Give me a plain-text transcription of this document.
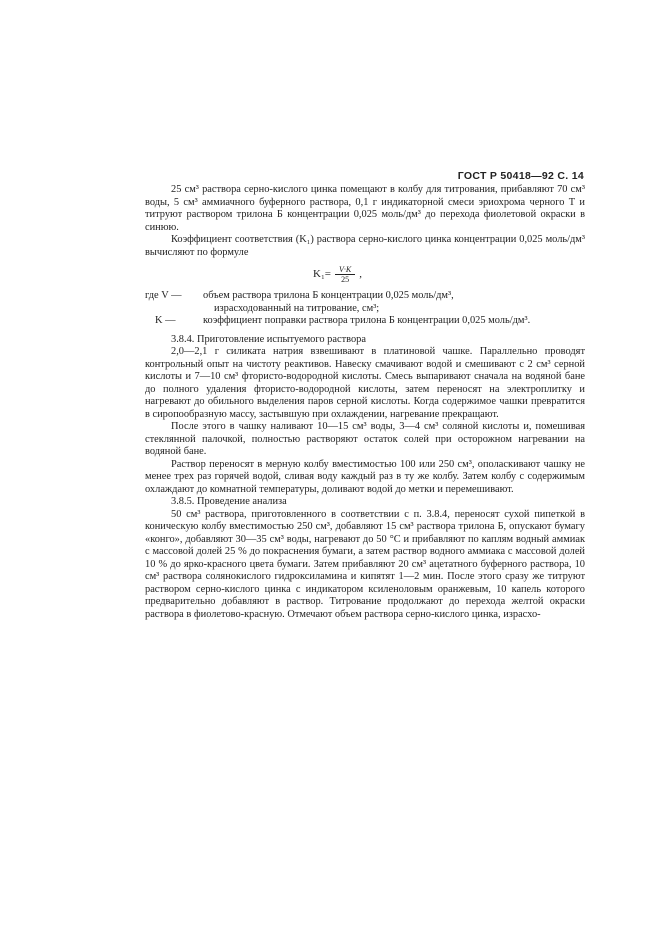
ГОСТ Р 50418—92 С. 14

25 см³ раствора серно-кислого цинка помещают в колбу для титрования, прибавляют 70 см³ воды, 5 см³ аммиачного буферного раствора, 0,1 г индикаторной смеси эриохрома черного Т и титруют раствором трилона Б концентрации 0,025 моль/дм³ до перехода фиолетовой окраски в синюю.

Коэффициент соответствия (K₁) раствора серно-кислого цинка концентрации 0,025 моль/дм³ вычисляют по формуле

$K_1= \frac{V\cdot K}{25}$ ,
где V —	объем раствора трилона Б концентрации 0,025 моль/дм³,

израсходованный на титрование, см³;

K —	коэффициент поправки раствора трилона Б концентрации 0,025 моль/дм³.

3.8.4. Приготовление испытуемого раствора

2,0—2,1 г силиката натрия взвешивают в платиновой чашке. Параллельно проводят контрольный опыт на чистоту реактивов. Навеску смачивают водой и смешивают с 2 см³ серной кислоты и 7—10 см³ фтористо-водородной кислоты. Смесь выпаривают сначала на водяной бане до полного удаления фтористо-водородной кислоты, затем переносят на электроплитку и нагревают до обильного выделения паров серной кислоты. Когда содержимое чашки превратится в сиропообразную массу, застывшую при охлаждении, нагревание прекращают.

После этого в чашку наливают 10—15 см³ воды, 3—4 см³ соляной кислоты и, помешивая стеклянной палочкой, полностью растворяют остаток солей при осторожном нагревании на водяной бане.

Раствор переносят в мерную колбу вместимостью 100 или 250 см³, ополаскивают чашку не менее трех раз горячей водой, сливая воду каждый раз в ту же колбу. Затем колбу с содержимым охлаждают до комнатной температуры, доливают водой до метки и перемешивают.

3.8.5. Проведение анализа

50 см³ раствора, приготовленного в соответствии с п. 3.8.4, переносят сухой пипеткой в коническую колбу вместимостью 250 см³, добавляют 15 см³ раствора трилона Б, опускают бумагу «конго», добавляют 30—35 см³ воды, нагревают до 50 °С и прибавляют по каплям водный аммиак с массовой долей 25 % до покраснения бумаги, а затем раствор водного аммиака с массовой долей 10 % до ярко-красного цвета бумаги. Затем прибавляют 20 см³ ацетатного буферного раствора, 10 см³ раствора солянокислого гидроксиламина и кипятят 1—2 мин. После этого сразу же титруют раствором серно-кислого цинка с индикатором ксиленоловым оранжевым, 10 капель которого предварительно добавляют в раствор. Титрование продолжают до перехода желтой окраски раствора в фиолетово-красную. Отмечают объем раствора серно-кислого цинка, израсхо-
